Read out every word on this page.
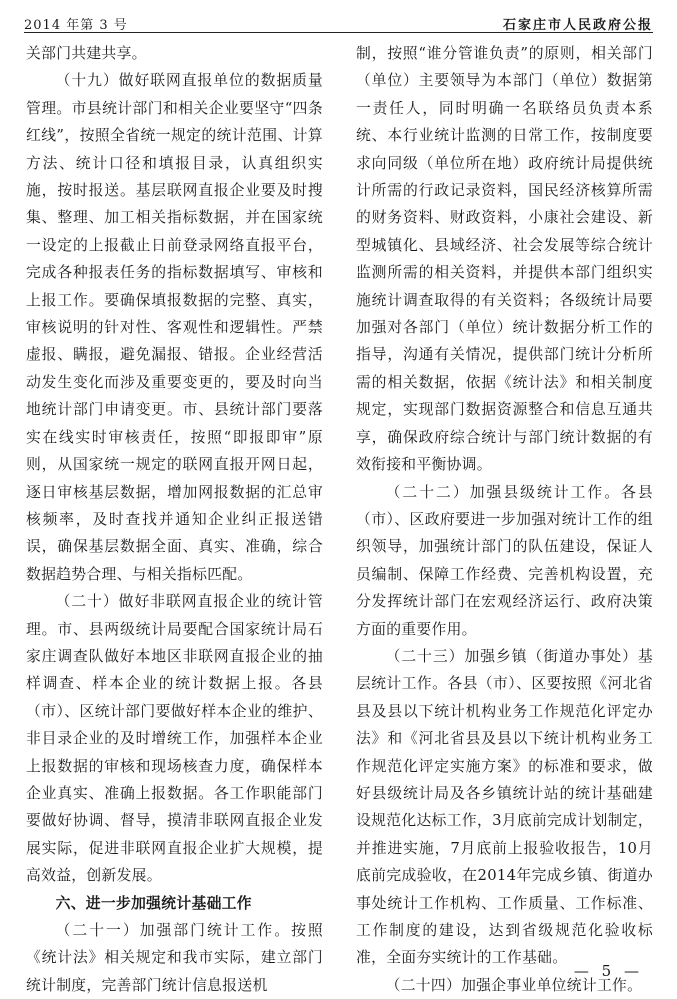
2014 年第 3 号	石家庄市人民政府公报

关部门共建共享。

（十九）做好联网直报单位的数据质量管理。市县统计部门和相关企业要坚守“四条红线”，按照全省统一规定的统计范围、计算方法、统计口径和填报目录，认真组织实施，按时报送。基层联网直报企业要及时搜集、整理、加工相关指标数据，并在国家统一设定的上报截止日前登录网络直报平台，完成各种报表任务的指标数据填写、审核和上报工作。要确保填报数据的完整、真实，审核说明的针对性、客观性和逻辑性。严禁虚报、瞒报，避免漏报、错报。企业经营活动发生变化而涉及重要变更的，要及时向当地统计部门申请变更。市、县统计部门要落实在线实时审核责任，按照“即报即审”原则，从国家统一规定的联网直报开网日起，逐日审核基层数据，增加网报数据的汇总审核频率，及时查找并通知企业纠正报送错误，确保基层数据全面、真实、准确，综合数据趋势合理、与相关指标匹配。

（二十）做好非联网直报企业的统计管理。市、县两级统计局要配合国家统计局石家庄调查队做好本地区非联网直报企业的抽样调查、样本企业的统计数据上报。各县（市）、区统计部门要做好样本企业的维护、非目录企业的及时增统工作，加强样本企业上报数据的审核和现场核查力度，确保样本企业真实、准确上报数据。各工作职能部门要做好协调、督导，摸清非联网直报企业发展实际，促进非联网直报企业扩大规模，提高效益，创新发展。

六、进一步加强统计基础工作

（二十一）加强部门统计工作。按照《统计法》相关规定和我市实际，建立部门统计制度，完善部门统计信息报送机

制，按照“谁分管谁负责”的原则，相关部门（单位）主要领导为本部门（单位）数据第一责任人，同时明确一名联络员负责本系统、本行业统计监测的日常工作，按制度要求向同级（单位所在地）政府统计局提供统计所需的行政记录资料，国民经济核算所需的财务资料、财政资料，小康社会建设、新型城镇化、县域经济、社会发展等综合统计监测所需的相关资料，并提供本部门组织实施统计调查取得的有关资料；各级统计局要加强对各部门（单位）统计数据分析工作的指导，沟通有关情况，提供部门统计分析所需的相关数据，依据《统计法》和相关制度规定，实现部门数据资源整合和信息互通共享，确保政府综合统计与部门统计数据的有效衔接和平衡协调。

（二十二）加强县级统计工作。各县（市）、区政府要进一步加强对统计工作的组织领导，加强统计部门的队伍建设，保证人员编制、保障工作经费、完善机构设置，充分发挥统计部门在宏观经济运行、政府决策方面的重要作用。

（二十三）加强乡镇（街道办事处）基层统计工作。各县（市）、区要按照《河北省县及县以下统计机构业务工作规范化评定办法》和《河北省县及县以下统计机构业务工作规范化评定实施方案》的标准和要求，做好县级统计局及各乡镇统计站的统计基础建设规范化达标工作，3月底前完成计划制定，并推进实施，7月底前上报验收报告，10月底前完成验收，在2014年完成乡镇、街道办事处统计工作机构、工作质量、工作标准、工作制度的建设，达到省级规范化验收标准，全面夯实统计的工作基础。

（二十四）加强企事业单位统计工作。

— 5 —
